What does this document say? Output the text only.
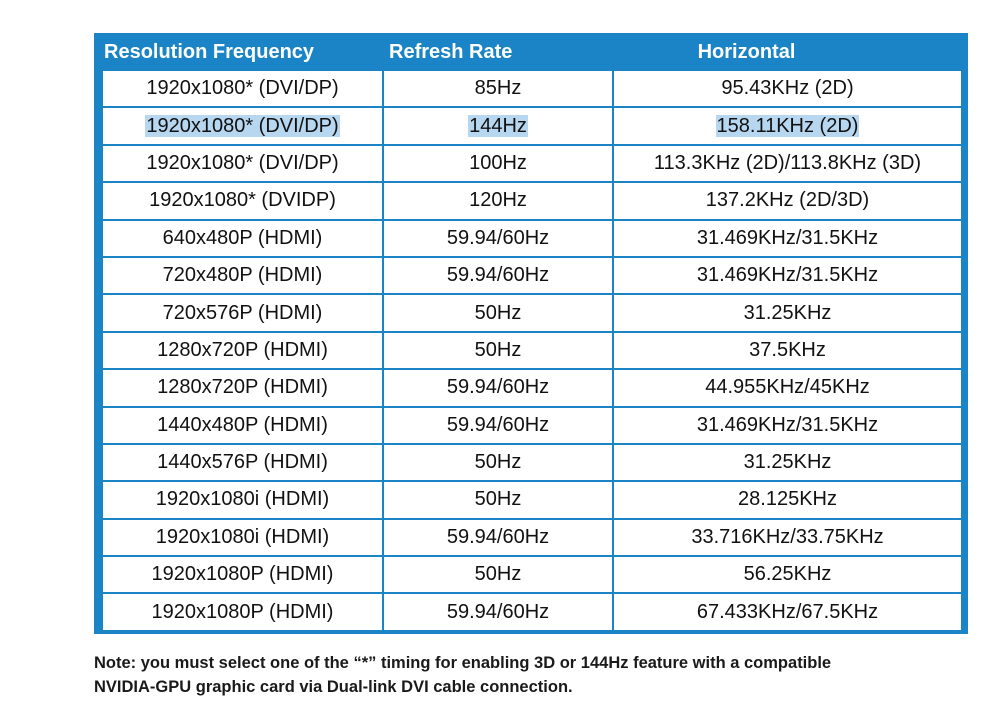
Resolution Frequency	Refresh Rate	Horizontal
1920x1080* (DVI/DP)	85Hz	95.43KHz (2D)
1920x1080* (DVI/DP)	144Hz	158.11KHz (2D)
1920x1080* (DVI/DP)	100Hz	113.3KHz (2D)/113.8KHz (3D)
1920x1080* (DVIDP)	120Hz	137.2KHz (2D/3D)
640x480P (HDMI)	59.94/60Hz	31.469KHz/31.5KHz
720x480P (HDMI)	59.94/60Hz	31.469KHz/31.5KHz
720x576P (HDMI)	50Hz	31.25KHz
1280x720P (HDMI)	50Hz	37.5KHz
1280x720P (HDMI)	59.94/60Hz	44.955KHz/45KHz
1440x480P (HDMI)	59.94/60Hz	31.469KHz/31.5KHz
1440x576P (HDMI)	50Hz	31.25KHz
1920x1080i (HDMI)	50Hz	28.125KHz
1920x1080i (HDMI)	59.94/60Hz	33.716KHz/33.75KHz
1920x1080P (HDMI)	50Hz	56.25KHz
1920x1080P (HDMI)	59.94/60Hz	67.433KHz/67.5KHz
Note: you must select one of the “*” timing for enabling 3D or 144Hz feature with a compatible
NVIDIA-GPU graphic card via Dual-link DVI cable connection.
